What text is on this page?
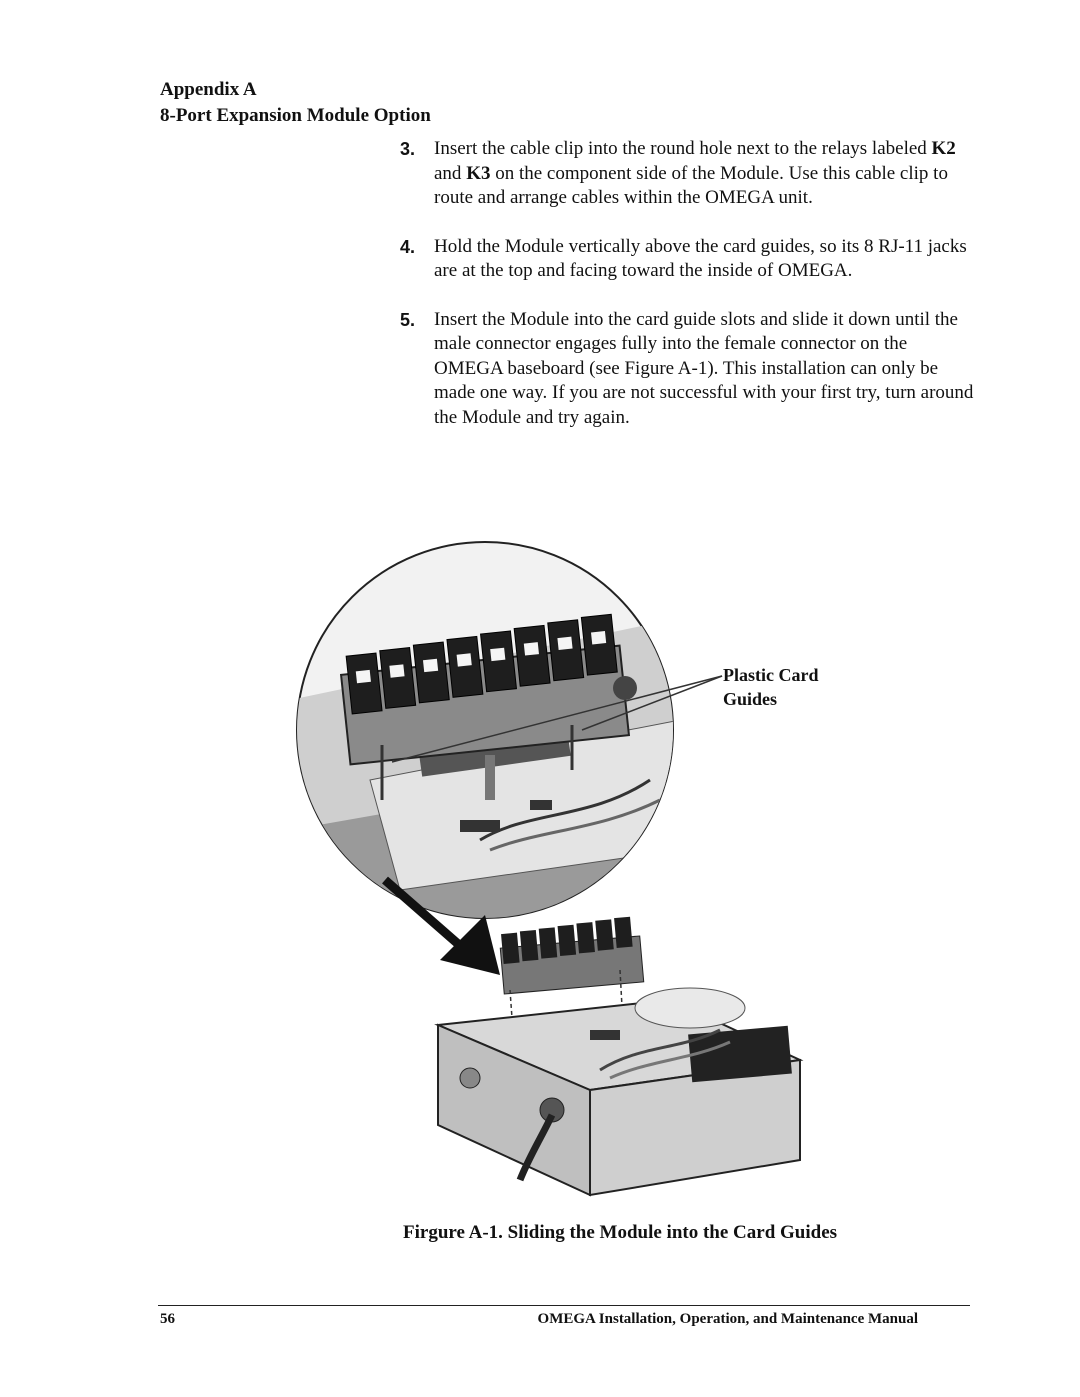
Appendix A
8-Port Expansion Module Option
3. Insert the cable clip into the round hole next to the relays labeled K2 and K3 on the component side of the Module. Use this cable clip to route and arrange cables within the OMEGA unit.
4. Hold the Module vertically above the card guides, so its 8 RJ-11 jacks are at the top and facing toward the inside of OMEGA.
5. Insert the Module into the card guide slots and slide it down until the male connector engages fully into the female connector on the OMEGA baseboard (see Figure A-1). This installation can only be made one way. If you are not successful with your first try, turn around the Module and try again.
Plastic Card
Guides
Firgure A-1. Sliding the Module into the Card Guides
56	OMEGA Installation, Operation, and Maintenance Manual
